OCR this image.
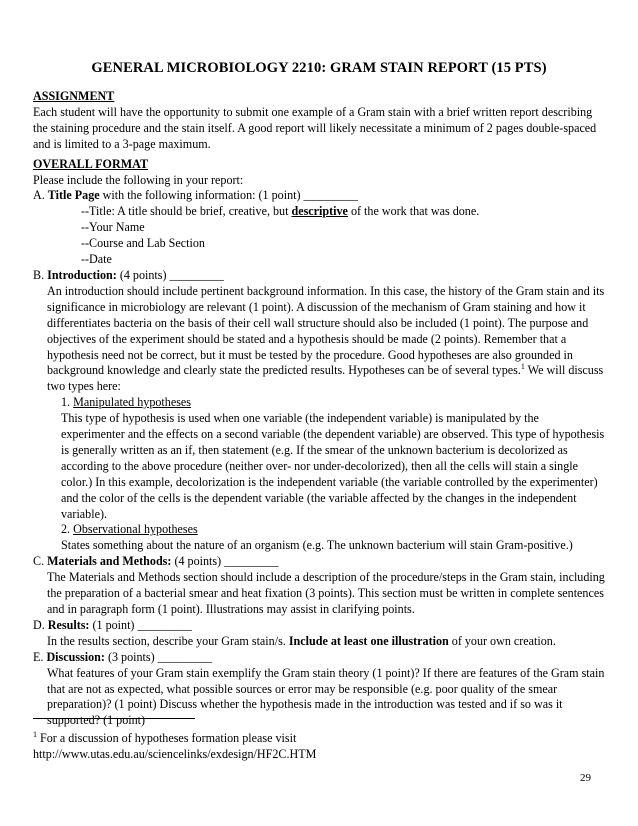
GENERAL MICROBIOLOGY 2210: GRAM STAIN REPORT (15 PTS)
ASSIGNMENT

Each student will have the opportunity to submit one example of a Gram stain with a brief written report describing the staining procedure and the stain itself. A good report will likely necessitate a minimum of 2 pages double-spaced and is limited to a 3-page maximum.

OVERALL FORMAT

Please include the following in your report:

A. Title Page with the following information: (1 point) _________
--Title: A title should be brief, creative, but descriptive of the work that was done.
--Your Name
--Course and Lab Section
--Date
B. Introduction: (4 points) _________

An introduction should include pertinent background information. In this case, the history of the Gram stain and its significance in microbiology are relevant (1 point). A discussion of the mechanism of Gram staining and how it differentiates bacteria on the basis of their cell wall structure should also be included (1 point). The purpose and objectives of the experiment should be stated and a hypothesis should be made (2 points). Remember that a hypothesis need not be correct, but it must be tested by the procedure. Good hypotheses are also grounded in background knowledge and clearly state the predicted results. Hypotheses can be of several types.$^1$ We will discuss two types here:

1. Manipulated hypotheses

This type of hypothesis is used when one variable (the independent variable) is manipulated by the experimenter and the effects on a second variable (the dependent variable) are observed. This type of hypothesis is generally written as an if, then statement (e.g. If the smear of the unknown bacterium is decolorized as according to the above procedure (neither over- nor under-decolorized), then all the cells will stain a single color.) In this example, decolorization is the independent variable (the variable controlled by the experimenter) and the color of the cells is the dependent variable (the variable affected by the changes in the independent variable).

2. Observational hypotheses

States something about the nature of an organism (e.g. The unknown bacterium will stain Gram-positive.)

C. Materials and Methods: (4 points) _________

The Materials and Methods section should include a description of the procedure/steps in the Gram stain, including the preparation of a bacterial smear and heat fixation (3 points). This section must be written in complete sentences and in paragraph form (1 point). Illustrations may assist in clarifying points.

D. Results: (1 point) _________

In the results section, describe your Gram stain/s. Include at least one illustration of your own creation.

E. Discussion: (3 points) _________

What features of your Gram stain exemplify the Gram stain theory (1 point)? If there are features of the Gram stain that are not as expected, what possible sources or error may be responsible (e.g. poor quality of the smear preparation)? (1 point) Discuss whether the hypothesis made in the introduction was tested and if so was it supported? (1 point)

$^1$ For a discussion of hypotheses formation please visit
http://www.utas.edu.au/sciencelinks/exdesign/HF2C.HTM
29
